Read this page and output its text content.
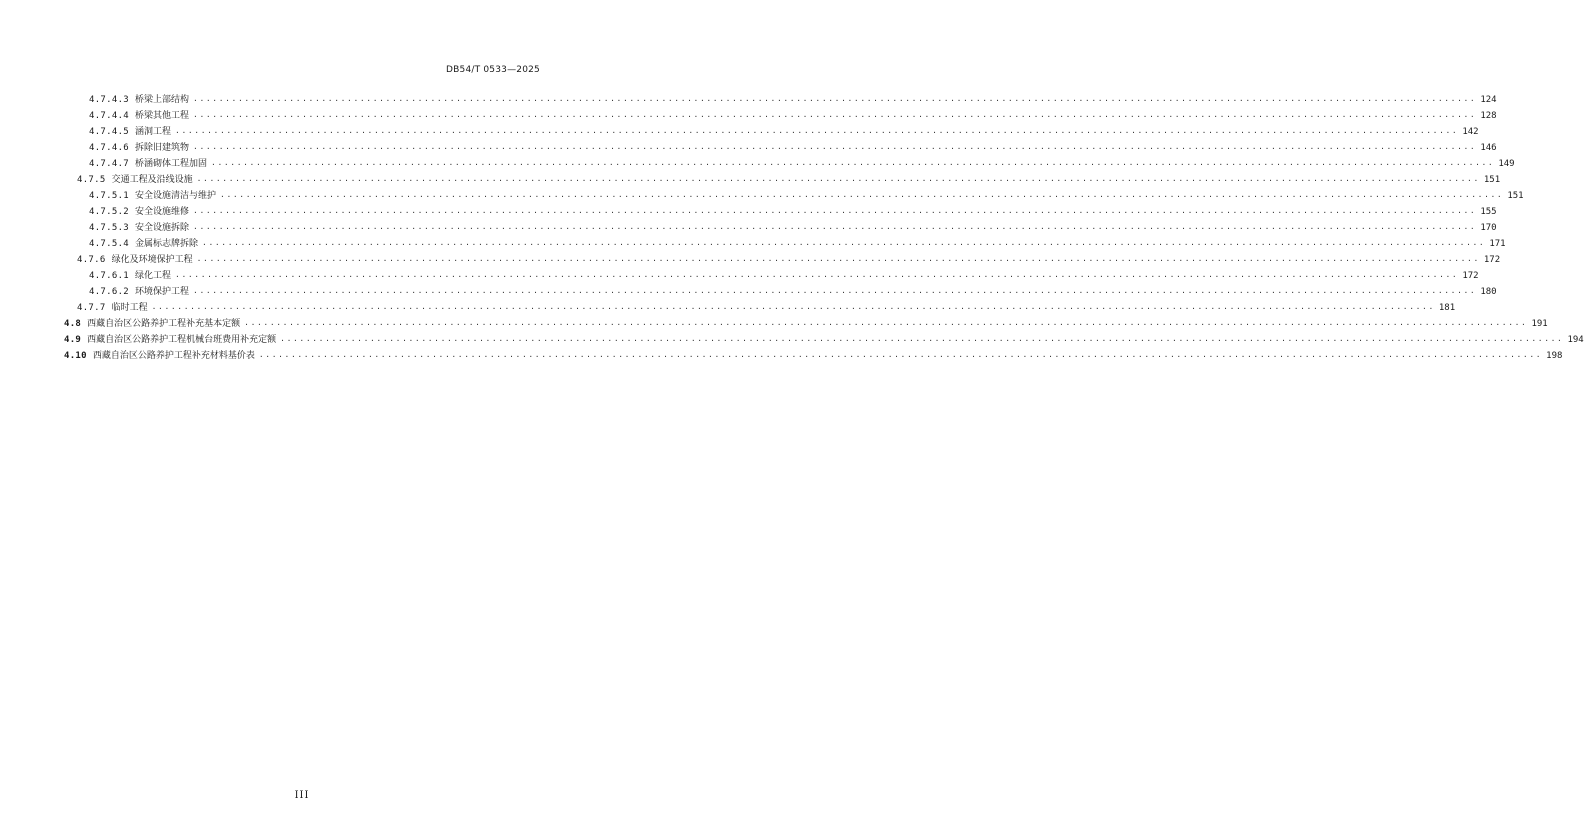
DB54/T 0533—2025
4.7.4.3 桥梁上部结构 ........................................................................................................................................................................................................ 124
4.7.4.4 桥梁其他工程 ........................................................................................................................................................................................................ 128
4.7.4.5 涵洞工程 ........................................................................................................................................................................................................ 142
4.7.4.6 拆除旧建筑物 ........................................................................................................................................................................................................ 146
4.7.4.7 桥涵砌体工程加固 ........................................................................................................................................................................................................ 149
4.7.5 交通工程及沿线设施 ........................................................................................................................................................................................................ 151
4.7.5.1 安全设施清洁与维护 ........................................................................................................................................................................................................ 151
4.7.5.2 安全设施维修 ........................................................................................................................................................................................................ 155
4.7.5.3 安全设施拆除 ........................................................................................................................................................................................................ 170
4.7.5.4 金属标志牌拆除 ........................................................................................................................................................................................................ 171
4.7.6 绿化及环境保护工程 ........................................................................................................................................................................................................ 172
4.7.6.1 绿化工程 ........................................................................................................................................................................................................ 172
4.7.6.2 环境保护工程 ........................................................................................................................................................................................................ 180
4.7.7 临时工程 ........................................................................................................................................................................................................ 181
4.8 西藏自治区公路养护工程补充基本定额 ........................................................................................................................................................................................................ 191
4.9 西藏自治区公路养护工程机械台班费用补充定额 ........................................................................................................................................................................................................ 194
4.10 西藏自治区公路养护工程补充材料基价表 ........................................................................................................................................................................................................ 198
III
